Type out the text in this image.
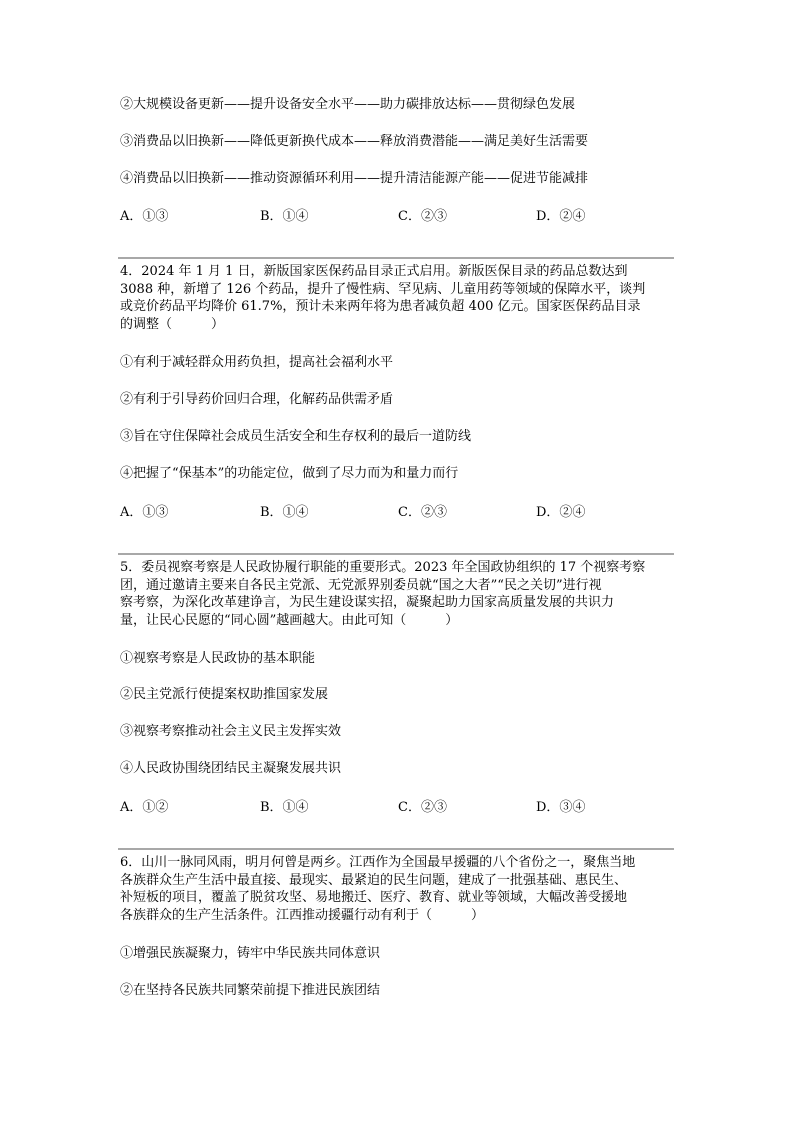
②大规模设备更新——提升设备安全水平——助力碳排放达标——贯彻绿色发展
③消费品以旧换新——降低更新换代成本——释放消费潜能——满足美好生活需要
④消费品以旧换新——推动资源循环利用——提升清洁能源产能——促进节能减排
A．①③	B．①④	C．②③	D．②④
4．2024 年 1 月 1 日，新版国家医保药品目录正式启用。新版医保目录的药品总数达到
3088 种，新增了 126 个药品，提升了慢性病、罕见病、儿童用药等领域的保障水平，谈判
或竞价药品平均降价 61.7%，预计未来两年将为患者减负超 400 亿元。国家医保药品目录
的调整（　　　）
①有利于减轻群众用药负担，提高社会福利水平
②有利于引导药价回归合理，化解药品供需矛盾
③旨在守住保障社会成员生活安全和生存权利的最后一道防线
④把握了“保基本”的功能定位，做到了尽力而为和量力而行
A．①③	B．①④	C．②③	D．②④
5．委员视察考察是人民政协履行职能的重要形式。2023 年全国政协组织的 17 个视察考察
团，通过邀请主要来自各民主党派、无党派界别委员就“国之大者”“民之关切”进行视
察考察，为深化改革建诤言，为民生建设谋实招，凝聚起助力国家高质量发展的共识力
量，让民心民愿的“同心圆”越画越大。由此可知（　　　）
①视察考察是人民政协的基本职能
②民主党派行使提案权助推国家发展
③视察考察推动社会主义民主发挥实效
④人民政协围绕团结民主凝聚发展共识
A．①②	B．①④	C．②③	D．③④
6．山川一脉同风雨，明月何曾是两乡。江西作为全国最早援疆的八个省份之一，聚焦当地
各族群众生产生活中最直接、最现实、最紧迫的民生问题，建成了一批强基础、惠民生、
补短板的项目，覆盖了脱贫攻坚、易地搬迁、医疗、教育、就业等领域，大幅改善受援地
各族群众的生产生活条件。江西推动援疆行动有利于（　　　）
①增强民族凝聚力，铸牢中华民族共同体意识
②在坚持各民族共同繁荣前提下推进民族团结
